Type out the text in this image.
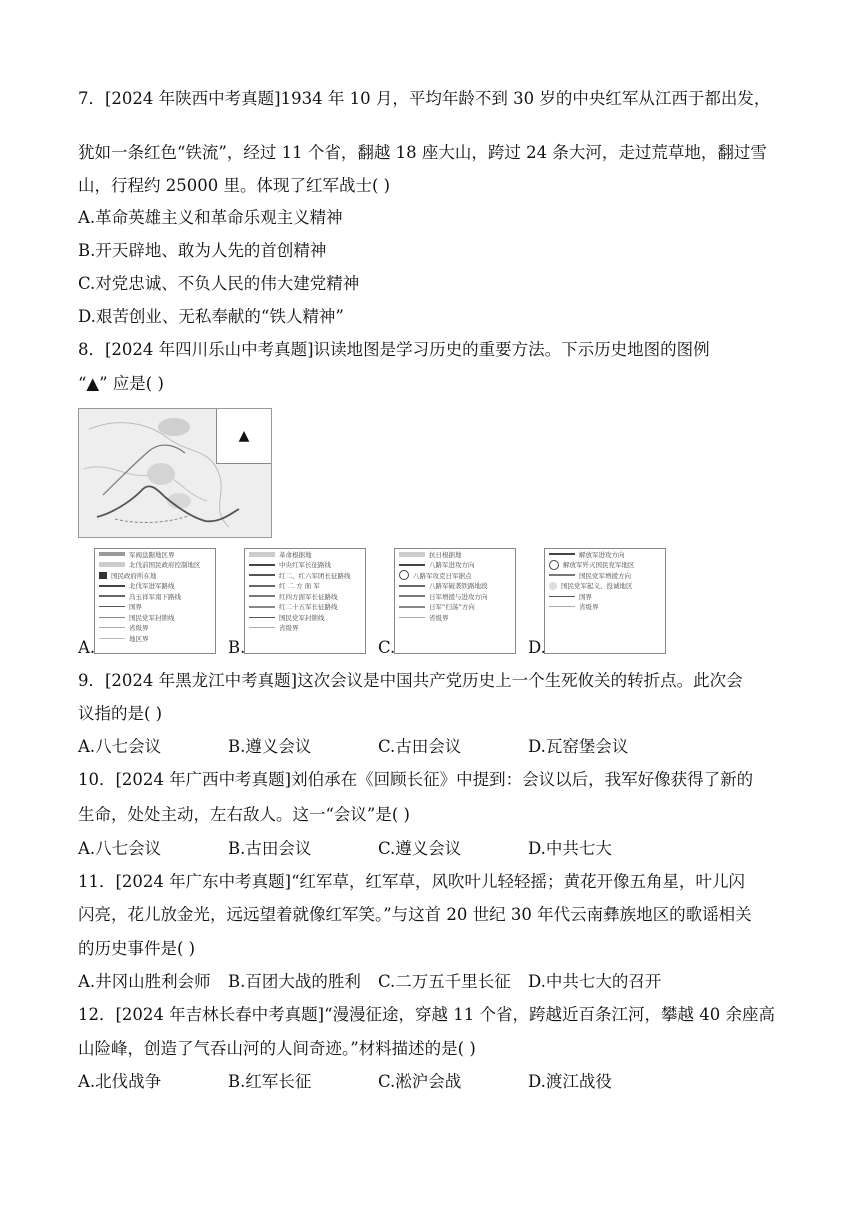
7．[2024 年陕西中考真题]1934 年 10 月，平均年龄不到 30 岁的中央红军从江西于都出发，
犹如一条红色“铁流”，经过 11 个省，翻越 18 座大山，跨过 24 条大河，走过荒草地，翻过雪
山，行程约 25000 里。体现了红军战士( )
A.革命英雄主义和革命乐观主义精神
B.开天辟地、敢为人先的首创精神
C.对党忠诚、不负人民的伟大建党精神
D.艰苦创业、无私奉献的“铁人精神”
8．[2024 年四川乐山中考真题]识读地图是学习历史的重要方法。下示历史地图的图例
“▲” 应是( )
▲
军阀盘踞地区界
北伐前国民政府控制地区
国民政府所在地
北伐军进军路线
冯玉祥军南下路线
国界
国民党军封锁线
省级界
地区界
A.
革命根据地
中央红军长征路线
红二、红六军团长征路线
红 二 方 面 军
红四方面军长征路线
红二十五军长征路线
国民党军封锁线
省级界
B.
抗日根据地
八路军进攻方向
八路军攻克日军据点
八路军破袭铁路地段
日军增援与进攻方向
日军“扫荡”方向
省级界
C.
解放军进攻方向
解放军歼灭国民党军地区
国民党军增援方向
国民党军起义、投诚地区
国界
省级界
D.
9．[2024 年黑龙江中考真题]这次会议是中国共产党历史上一个生死攸关的转折点。此次会
议指的是( )
A.八七会议	B.遵义会议	C.古田会议	D.瓦窑堡会议
10．[2024 年广西中考真题]刘伯承在《回顾长征》中提到：会议以后，我军好像获得了新的
生命，处处主动，左右敌人。这一“会议”是( )
A.八七会议	B.古田会议	C.遵义会议	D.中共七大
11．[2024 年广东中考真题]“红军草，红军草，风吹叶儿轻轻摇；黄花开像五角星，叶儿闪
闪亮，花儿放金光，远远望着就像红军笑。”与这首 20 世纪 30 年代云南彝族地区的歌谣相关
的历史事件是( )
A.井冈山胜利会师 B.百团大战的胜利 C.二万五千里长征 D.中共七大的召开
12．[2024 年吉林长春中考真题]“漫漫征途，穿越 11 个省，跨越近百条江河，攀越 40 余座高
山险峰，创造了气吞山河的人间奇迹。”材料描述的是( )
A.北伐战争	B.红军长征	C.淞沪会战	D.渡江战役
